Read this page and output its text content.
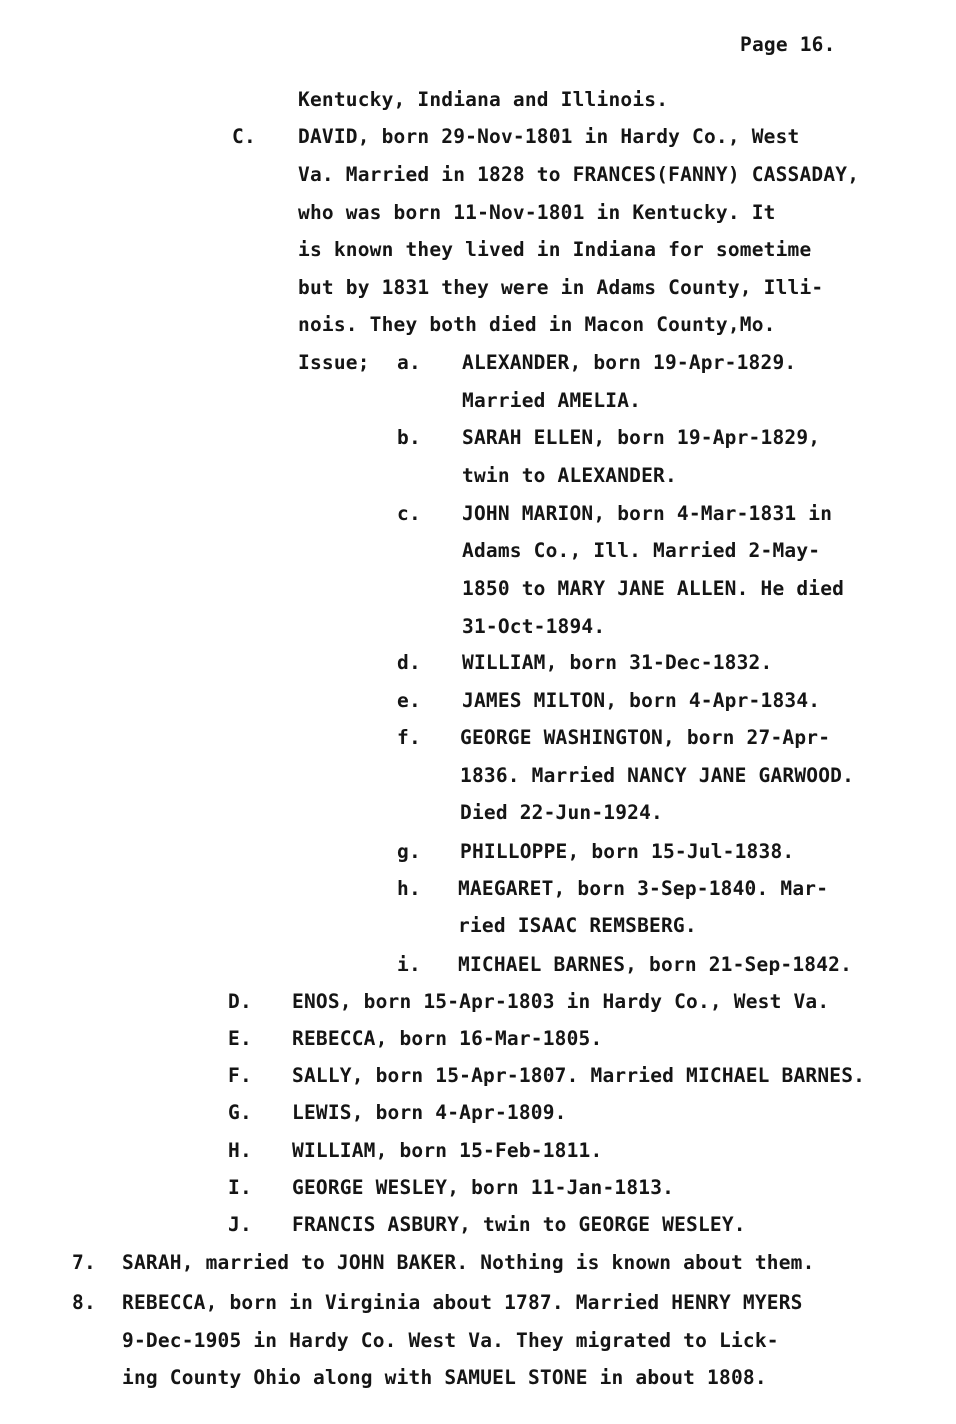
Page 16.
Kentucky, Indiana and Illinois.
C. DAVID, born 29-Nov-1801 in Hardy Co., West
Va. Married in 1828 to FRANCES(FANNY) CASSADAY,
who was born 11-Nov-1801 in Kentucky. It
is known they lived in Indiana for sometime
but by 1831 they were in Adams County, Illi-
nois. They both died in Macon County,Mo.
Issue; a. ALEXANDER, born 19-Apr-1829.
Married AMELIA.
b. SARAH ELLEN, born 19-Apr-1829,
twin to ALEXANDER.
c. JOHN MARION, born 4-Mar-1831 in
Adams Co., Ill. Married 2-May-
1850 to MARY JANE ALLEN. He died
31-Oct-1894.
d. WILLIAM, born 31-Dec-1832.
e. JAMES MILTON, born 4-Apr-1834.
f. GEORGE WASHINGTON, born 27-Apr-
1836. Married NANCY JANE GARWOOD.
Died 22-Jun-1924.
g. PHILLOPPE, born 15-Jul-1838.
h. MAEGARET, born 3-Sep-1840. Mar-
ried ISAAC REMSBERG.
i. MICHAEL BARNES, born 21-Sep-1842.
D. ENOS, born 15-Apr-1803 in Hardy Co., West Va.
E. REBECCA, born 16-Mar-1805.
F. SALLY, born 15-Apr-1807. Married MICHAEL BARNES.
G. LEWIS, born 4-Apr-1809.
H. WILLIAM, born 15-Feb-1811.
I. GEORGE WESLEY, born 11-Jan-1813.
J. FRANCIS ASBURY, twin to GEORGE WESLEY.
7. SARAH, married to JOHN BAKER. Nothing is known about them.
8. REBECCA, born in Virginia about 1787. Married HENRY MYERS
9-Dec-1905 in Hardy Co. West Va. They migrated to Lick-
ing County Ohio along with SAMUEL STONE in about 1808.
